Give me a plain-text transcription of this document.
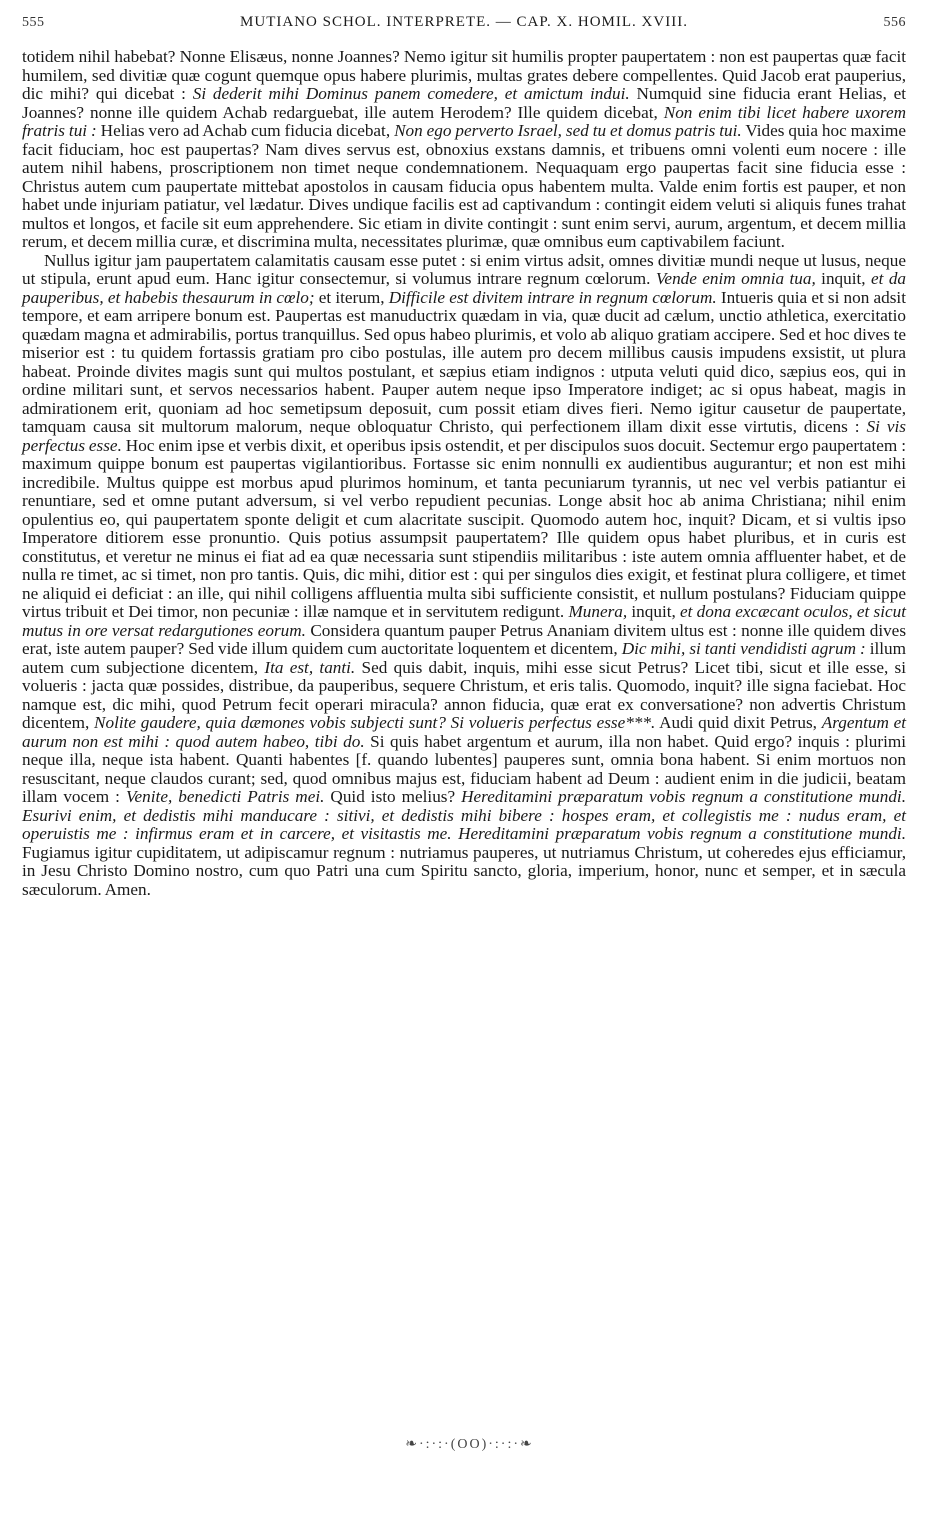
555	MUTIANO SCHOL. INTERPRETE. — CAP. X. HOMIL. XVIII.	556

totidem nihil habebat? Nonne Elisæus, nonne Joannes? Nemo igitur sit humilis propter paupertatem : non est paupertas quæ facit humilem, sed divitiæ quæ cogunt quemque opus habere plurimis, multas grates debere compellentes. Quid Jacob erat pauperius, dic mihi? qui dicebat : Si dederit mihi Dominus panem comedere, et amictum indui. Numquid sine fiducia erant Helias, et Joannes? nonne ille quidem Achab redarguebat, ille autem Herodem? Ille quidem dicebat, Non enim tibi licet habere uxorem fratris tui : Helias vero ad Achab cum fiducia dicebat, Non ego perverto Israel, sed tu et domus patris tui. Vides quia hoc maxime facit fiduciam, hoc est paupertas? Nam dives servus est, obnoxius exstans damnis, et tribuens omni volenti eum nocere : ille autem nihil habens, proscriptionem non timet neque condemnationem. Nequaquam ergo paupertas facit sine fiducia esse : Christus autem cum paupertate mittebat apostolos in causam fiducia opus habentem multa. Valde enim fortis est pauper, et non habet unde injuriam patiatur, vel lædatur. Dives undique facilis est ad captivandum : contingit eidem veluti si aliquis funes trahat multos et longos, et facile sit eum apprehendere. Sic etiam in divite contingit : sunt enim servi, aurum, argentum, et decem millia rerum, et decem millia curæ, et discrimina multa, necessitates plurimæ, quæ omnibus eum captivabilem faciunt.

Nullus igitur jam paupertatem calamitatis causam esse putet : si enim virtus adsit, omnes divitiæ mundi neque ut lusus, neque ut stipula, erunt apud eum. Hanc igitur consectemur, si volumus intrare regnum cœlorum. Vende enim omnia tua, inquit, et da pauperibus, et habebis thesaurum in cœlo; et iterum, Difficile est divitem intrare in regnum cœlorum. Intueris quia et si non adsit tempore, et eam arripere bonum est. Paupertas est manuductrix quædam in via, quæ ducit ad cælum, unctio athletica, exercitatio quædam magna et admirabilis, portus tranquillus. Sed opus habeo plurimis, et volo ab aliquo gratiam accipere. Sed et hoc dives te miserior est : tu quidem fortassis gratiam pro cibo postulas, ille autem pro decem millibus causis impudens exsistit, ut plura habeat. Proinde divites magis sunt qui multos postulant, et sæpius etiam indignos : utputa veluti quid dico, sæpius eos, qui in ordine militari sunt, et servos necessarios habent. Pauper autem neque ipso Imperatore indiget; ac si opus habeat, magis in admirationem erit, quoniam ad hoc semetipsum deposuit, cum possit etiam dives fieri. Nemo igitur causetur de paupertate, tamquam causa sit multorum malorum, neque obloquatur Christo, qui perfectionem illam dixit esse virtutis, dicens : Si vis perfectus esse. Hoc enim ipse et verbis dixit, et operibus ipsis ostendit, et per discipulos suos docuit. Sectemur ergo paupertatem : maximum quippe bonum est paupertas vigilantioribus. Fortasse sic enim nonnulli ex audientibus augurantur; et non est mihi incredibile. Multus quippe est morbus apud plurimos hominum, et tanta pecuniarum tyrannis, ut nec vel verbis patiantur ei renuntiare, sed et omne putant adversum, si vel verbo repudient pecunias. Longe absit hoc ab anima Christiana; nihil enim opulentius eo, qui paupertatem sponte deligit et cum alacritate suscipit. Quomodo autem hoc, inquit? Dicam, et si vultis ipso Imperatore ditiorem esse pronuntio. Quis potius assumpsit paupertatem? Ille quidem opus habet pluribus, et in curis est constitutus, et veretur ne minus ei fiat ad ea quæ necessaria sunt stipendiis militaribus : iste autem omnia affluenter habet, et de nulla re timet, ac si timet, non pro tantis. Quis, dic mihi, ditior est : qui per singulos dies exigit, et festinat plura colligere, et timet ne aliquid ei deficiat : an ille, qui nihil colligens affluentia multa sibi sufficiente consistit, et nullum postulans? Fiduciam quippe virtus tribuit et Dei timor, non pecuniæ : illæ namque et in servitutem redigunt. Munera, inquit, et dona excæcant oculos, et sicut mutus in ore versat redargutiones eorum. Considera quantum pauper Petrus Ananiam divitem ultus est : nonne ille quidem dives erat, iste autem pauper? Sed vide illum quidem cum auctoritate loquentem et dicentem, Dic mihi, si tanti vendidisti agrum : illum autem cum subjectione dicentem, Ita est, tanti. Sed quis dabit, inquis, mihi esse sicut Petrus? Licet tibi, sicut et ille esse, si volueris : jacta quæ possides, distribue, da pauperibus, sequere Christum, et eris talis. Quomodo, inquit? ille signa faciebat. Hoc namque est, dic mihi, quod Petrum fecit operari miracula? annon fiducia, quæ erat ex conversatione? non advertis Christum dicentem, Nolite gaudere, quia dæmones vobis subjecti sunt? Si volueris perfectus esse***. Audi quid dixit Petrus, Argentum et aurum non est mihi : quod autem habeo, tibi do. Si quis habet argentum et aurum, illa non habet. Quid ergo? inquis : plurimi neque illa, neque ista habent. Quanti habentes [f. quando lubentes] pauperes sunt, omnia bona habent. Si enim mortuos non resuscitant, neque claudos curant; sed, quod omnibus majus est, fiduciam habent ad Deum : audient enim in die judicii, beatam illam vocem : Venite, benedicti Patris mei. Quid isto melius? Hereditamini præparatum vobis regnum a constitutione mundi. Esurivi enim, et dedistis mihi manducare : sitivi, et dedistis mihi bibere : hospes eram, et collegistis me : nudus eram, et operuistis me : infirmus eram et in carcere, et visitastis me. Hereditamini præparatum vobis regnum a constitutione mundi. Fugiamus igitur cupiditatem, ut adipiscamur regnum : nutriamus pauperes, ut nutriamus Christum, ut coheredes ejus efficiamur, in Jesu Christo Domino nostro, cum quo Patri una cum Spiritu sancto, gloria, imperium, honor, nunc et semper, et in sæcula sæculorum. Amen.

❧·:·:·(OO)·:·:·❧
